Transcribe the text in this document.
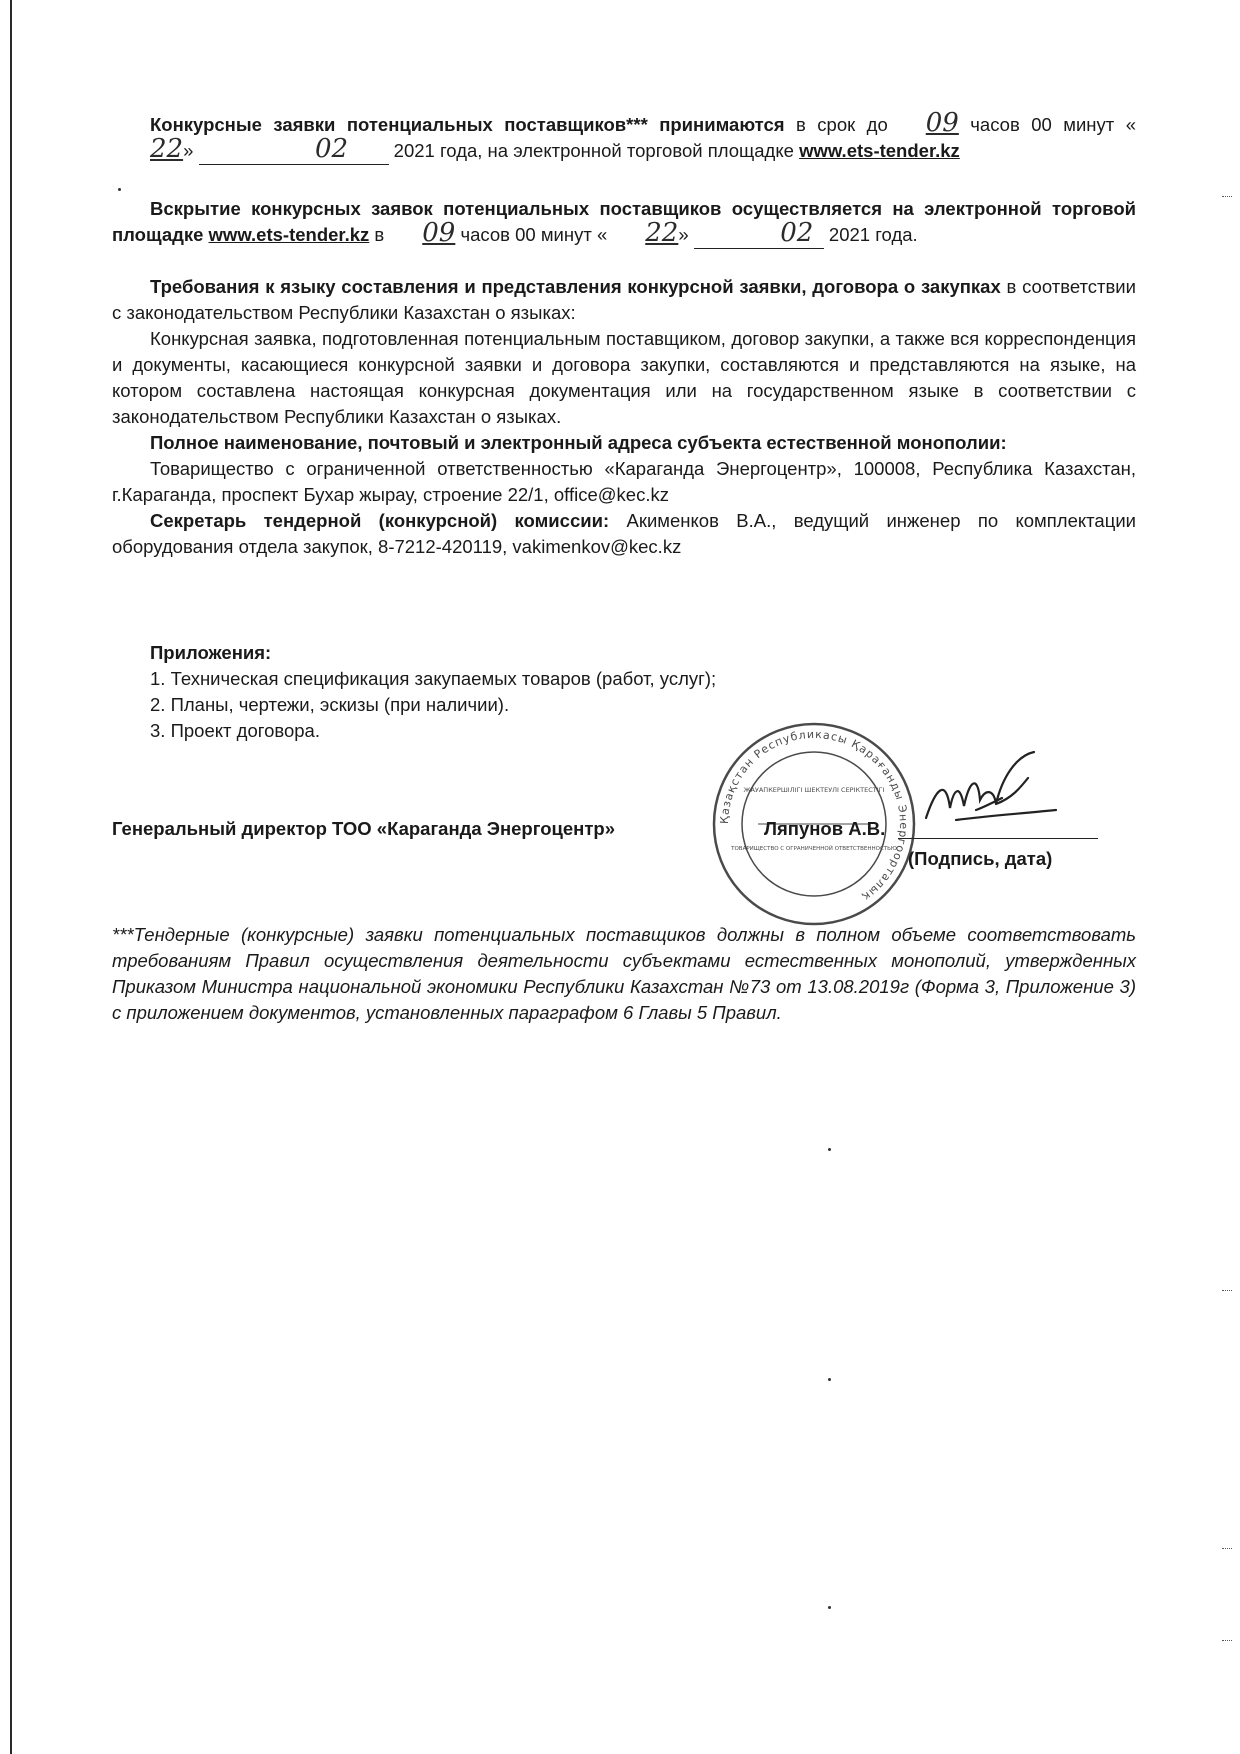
Конкурсные заявки потенциальных поставщиков*** принимаются в срок до 09 часов 00 минут «22»	02 2021 года, на электронной торговой площадке www.ets-tender.kz

Вскрытие конкурсных заявок потенциальных поставщиков осуществляется на электронной торговой площадке www.ets-tender.kz в 09 часов 00 минут « 22»	02 2021 года.

Требования к языку составления и представления конкурсной заявки, договора о закупках в соответствии с законодательством Республики Казахстан о языках:

Конкурсная заявка, подготовленная потенциальным поставщиком, договор закупки, а также вся корреспонденция и документы, касающиеся конкурсной заявки и договора закупки, составляются и представляются на языке, на котором составлена настоящая конкурсная документация или на государственном языке в соответствии с законодательством Республики Казахстан о языках.

Полное наименование, почтовый и электронный адреса субъекта естественной монополии:

Товарищество с ограниченной ответственностью «Караганда Энергоцентр», 100008, Республика Казахстан, г.Караганда, проспект Бухар жырау, строение 22/1, office@kec.kz

Секретарь тендерной (конкурсной) комиссии: Акименков В.А., ведущий инженер по комплектации оборудования отдела закупок, 8-7212-420119, vakimenkov@kec.kz

Приложения:
1. Техническая спецификация закупаемых товаров (работ, услуг);
2. Планы, чертежи, эскизы (при наличии).
3. Проект договора.
Қазақстан Республикасы Қарағанды Энергоорталық
ЖАУАПКЕРШІЛІГІ ШЕКТЕУЛІ СЕРІКТЕСТІГІ
ТОВАРИЩЕСТВО С ОГРАНИЧЕННОЙ ОТВЕТСТВЕННОСТЬЮ
Генеральный директор ТОО «Караганда Энергоцентр»	Ляпунов А.В.
(Подпись, дата)

***Тендерные (конкурсные) заявки потенциальных поставщиков должны в полном объеме соответствовать требованиям Правил осуществления деятельности субъектами естественных монополий, утвержденных Приказом Министра национальной экономики Республики Казахстан №73 от 13.08.2019г (Форма 3, Приложение 3) с приложением документов, установленных параграфом 6 Главы 5 Правил.
